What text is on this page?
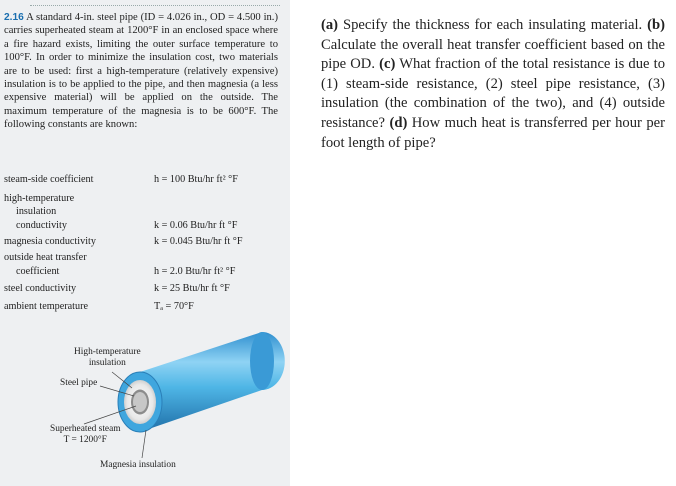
2.16 A standard 4-in. steel pipe (ID = 4.026 in., OD = 4.500 in.) carries superheated steam at 1200°F in an enclosed space where a fire hazard exists, limiting the outer surface temperature to 100°F. In order to minimize the insulation cost, two materials are to be used: first a high-temperature (relatively expensive) insulation is to be applied to the pipe, and then magnesia (a less expensive material) will be applied on the outside. The maximum temperature of the magnesia is to be 600°F. The following constants are known:
steam-side coefficient	h = 100 Btu/hr ft² °F
high-temperature
insulation
conductivity	k = 0.06 Btu/hr ft °F
magnesia conductivity	k = 0.045 Btu/hr ft °F
outside heat transfer
coefficient	h = 2.0 Btu/hr ft² °F
steel conductivity	k = 25 Btu/hr ft °F
ambient temperature	Tₐ = 70°F
High-temperature
insulation
Steel pipe
Superheated steam
T = 1200°F
Magnesia insulation
(a) Specify the thickness for each insulating material. (b) Calculate the overall heat transfer coefficient based on the pipe OD. (c) What fraction of the total resistance is due to (1) steam-side resistance, (2) steel pipe resistance, (3) insulation (the combination of the two), and (4) outside resistance? (d) How much heat is transferred per hour per foot length of pipe?
